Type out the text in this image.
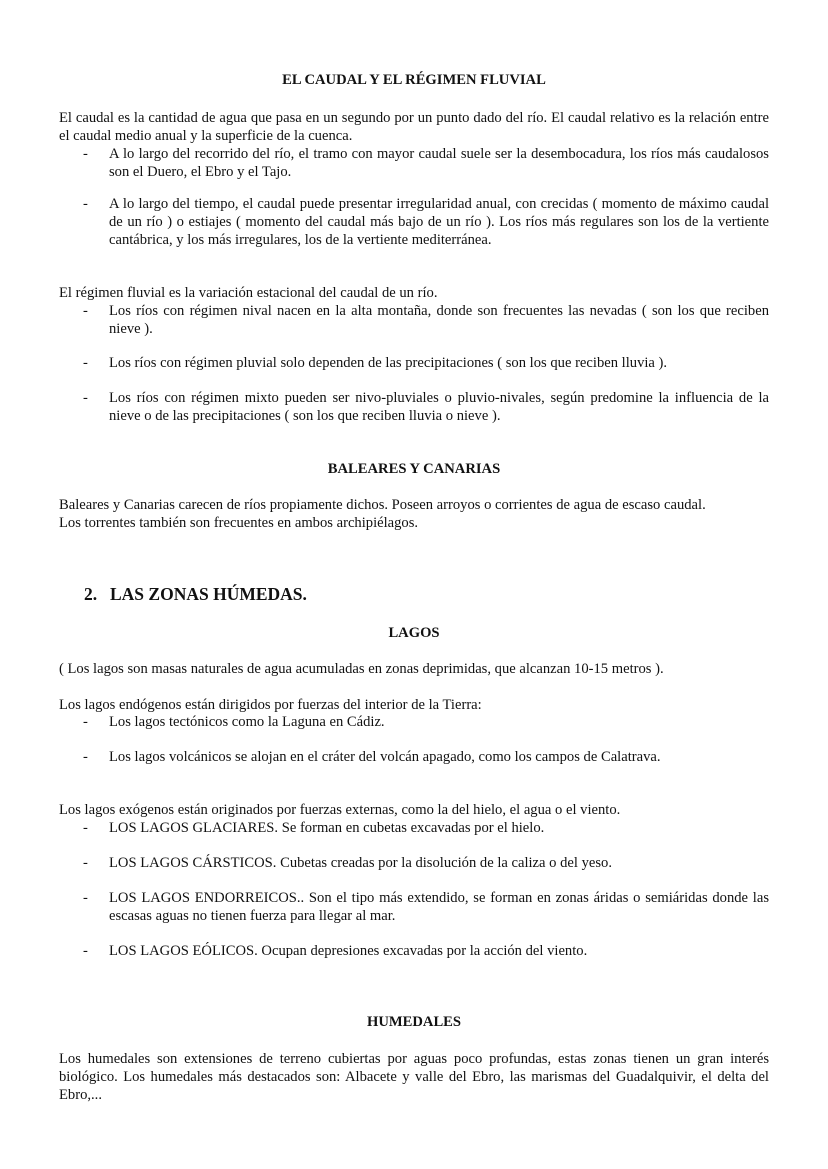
EL CAUDAL Y EL RÉGIMEN FLUVIAL

El caudal es la cantidad de agua que pasa en un segundo por un punto dado del río. El caudal relativo es la relación entre el caudal medio anual y la superficie de la cuenca.

- A lo largo del recorrido del río, el tramo con mayor caudal suele ser la desembocadura, los ríos más caudalosos son el Duero, el Ebro y el Tajo.

- A lo largo del tiempo, el caudal puede presentar irregularidad anual, con crecidas ( momento de máximo caudal de un río ) o estiajes ( momento del caudal más bajo de un río ). Los ríos más regulares son los de la vertiente cantábrica, y los más irregulares, los de la vertiente mediterránea.

El régimen fluvial es la variación estacional del caudal de un río.

- Los ríos con régimen nival nacen en la alta montaña, donde son frecuentes las nevadas ( son los que reciben nieve ).

- Los ríos con régimen pluvial solo dependen de las precipitaciones ( son los que reciben lluvia ).

- Los ríos con régimen mixto pueden ser nivo-pluviales o pluvio-nivales, según predomine la influencia de la nieve o de las precipitaciones ( son los que reciben lluvia o nieve ).

BALEARES Y CANARIAS

Baleares y Canarias carecen de ríos propiamente dichos. Poseen arroyos o corrientes de agua de escaso caudal.

Los torrentes también son frecuentes en ambos archipiélagos.

2. LAS ZONAS HÚMEDAS.
LAGOS

( Los lagos son masas naturales de agua acumuladas en zonas deprimidas, que alcanzan 10-15 metros ).

Los lagos endógenos están dirigidos por fuerzas del interior de la Tierra:

- Los lagos tectónicos como la Laguna en Cádiz.

- Los lagos volcánicos se alojan en el cráter del volcán apagado, como los campos de Calatrava.

Los lagos exógenos están originados por fuerzas externas, como la del hielo, el agua o el viento.

- LOS LAGOS GLACIARES. Se forman en cubetas excavadas por el hielo.

- LOS LAGOS CÁRSTICOS. Cubetas creadas por la disolución de la caliza o del yeso.

- LOS LAGOS ENDORREICOS.. Son el tipo más extendido, se forman en zonas áridas o semiáridas donde las escasas aguas no tienen fuerza para llegar al mar.

- LOS LAGOS EÓLICOS. Ocupan depresiones excavadas por la acción del viento.

HUMEDALES

Los humedales son extensiones de terreno cubiertas por aguas poco profundas, estas zonas tienen un gran interés biológico. Los humedales más destacados son: Albacete y valle del Ebro, las marismas del Guadalquivir, el delta del Ebro,...
